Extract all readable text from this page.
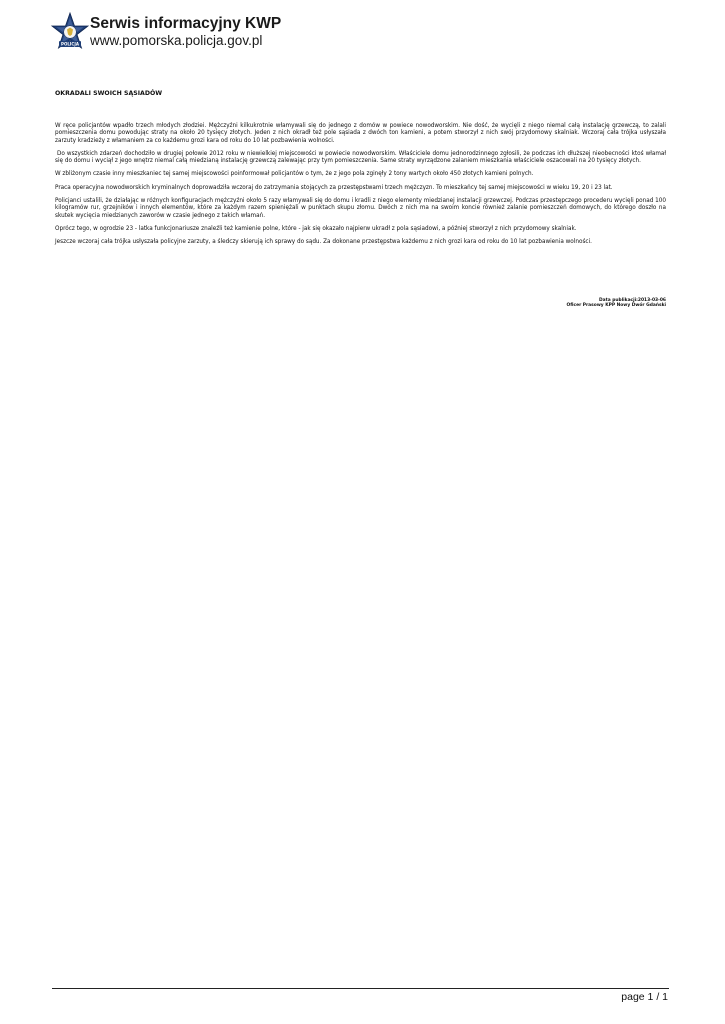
POLICJA
Serwis informacyjny KWP
www.pomorska.policja.gov.pl
OKRADALI SWOICH SĄSIADÓW

W ręce policjantów wpadło trzech młodych złodziei. Mężczyźni kilkukrotnie włamywali się do jednego z domów w powiece nowodworskim. Nie dość, że wycięli z niego niemal całą instalację grzewczą, to zalali pomieszczenia domu powodując straty na około 20 tysięcy złotych. Jeden z nich okradł też pole sąsiada z dwóch ton kamieni, a potem stworzył z nich swój przydomowy skalniak. Wczoraj cała trójka usłyszała zarzuty kradzieży z włamaniem za co każdemu grozi kara od roku do 10 lat pozbawienia wolności.

Do wszystkich zdarzeń dochodziło w drugiej połowie 2012 roku w niewielkiej miejscowości w powiecie nowodworskim. Właściciele domu jednorodzinnego zgłosili, że podczas ich dłuższej nieobecności ktoś włamał się do domu i wyciął z jego wnętrz niemal całą miedzianą instalację grzewczą zalewając przy tym pomieszczenia. Same straty wyrządzone zalaniem mieszkania właściciele oszacowali na 20 tysięcy złotych.

W zbliżonym czasie inny mieszkaniec tej samej miejscowości poinformował policjantów o tym, że z jego pola zginęły 2 tony wartych około 450 złotych kamieni polnych.

Praca operacyjna nowodworskich kryminalnych doprowadziła wczoraj do zatrzymania stojących za przestępstwami trzech mężczyzn. To mieszkańcy tej samej miejscowości w wieku 19, 20 i 23 lat.

Policjanci ustalili, że działając w różnych konfiguracjach mężczyźni około 5 razy włamywali się do domu i kradli z niego elementy miedzianej instalacji grzewczej. Podczas przestępczego procederu wycięli ponad 100 kilogramów rur, grzejników i innych elementów, które za każdym razem spieniężali w punktach skupu złomu. Dwóch z nich ma na swoim koncie również zalanie pomieszczeń domowych, do którego doszło na skutek wycięcia miedzianych zaworów w czasie jednego z takich włamań.

Oprócz tego, w ogrodzie 23 - latka funkcjonariusze znaleźli też kamienie polne, które - jak się okazało najpierw ukradł z pola sąsiadowi, a później stworzył z nich przydomowy skalniak.

Jeszcze wczoraj cała trójka usłyszała policyjne zarzuty, a śledczy skierują ich sprawy do sądu. Za dokonane przestępstwa każdemu z nich grozi kara od roku do 10 lat pozbawienia wolności.

Data publikacji:2013-03-06
Oficer Prasowy KPP Nowy Dwór Gdański
page 1 / 1
